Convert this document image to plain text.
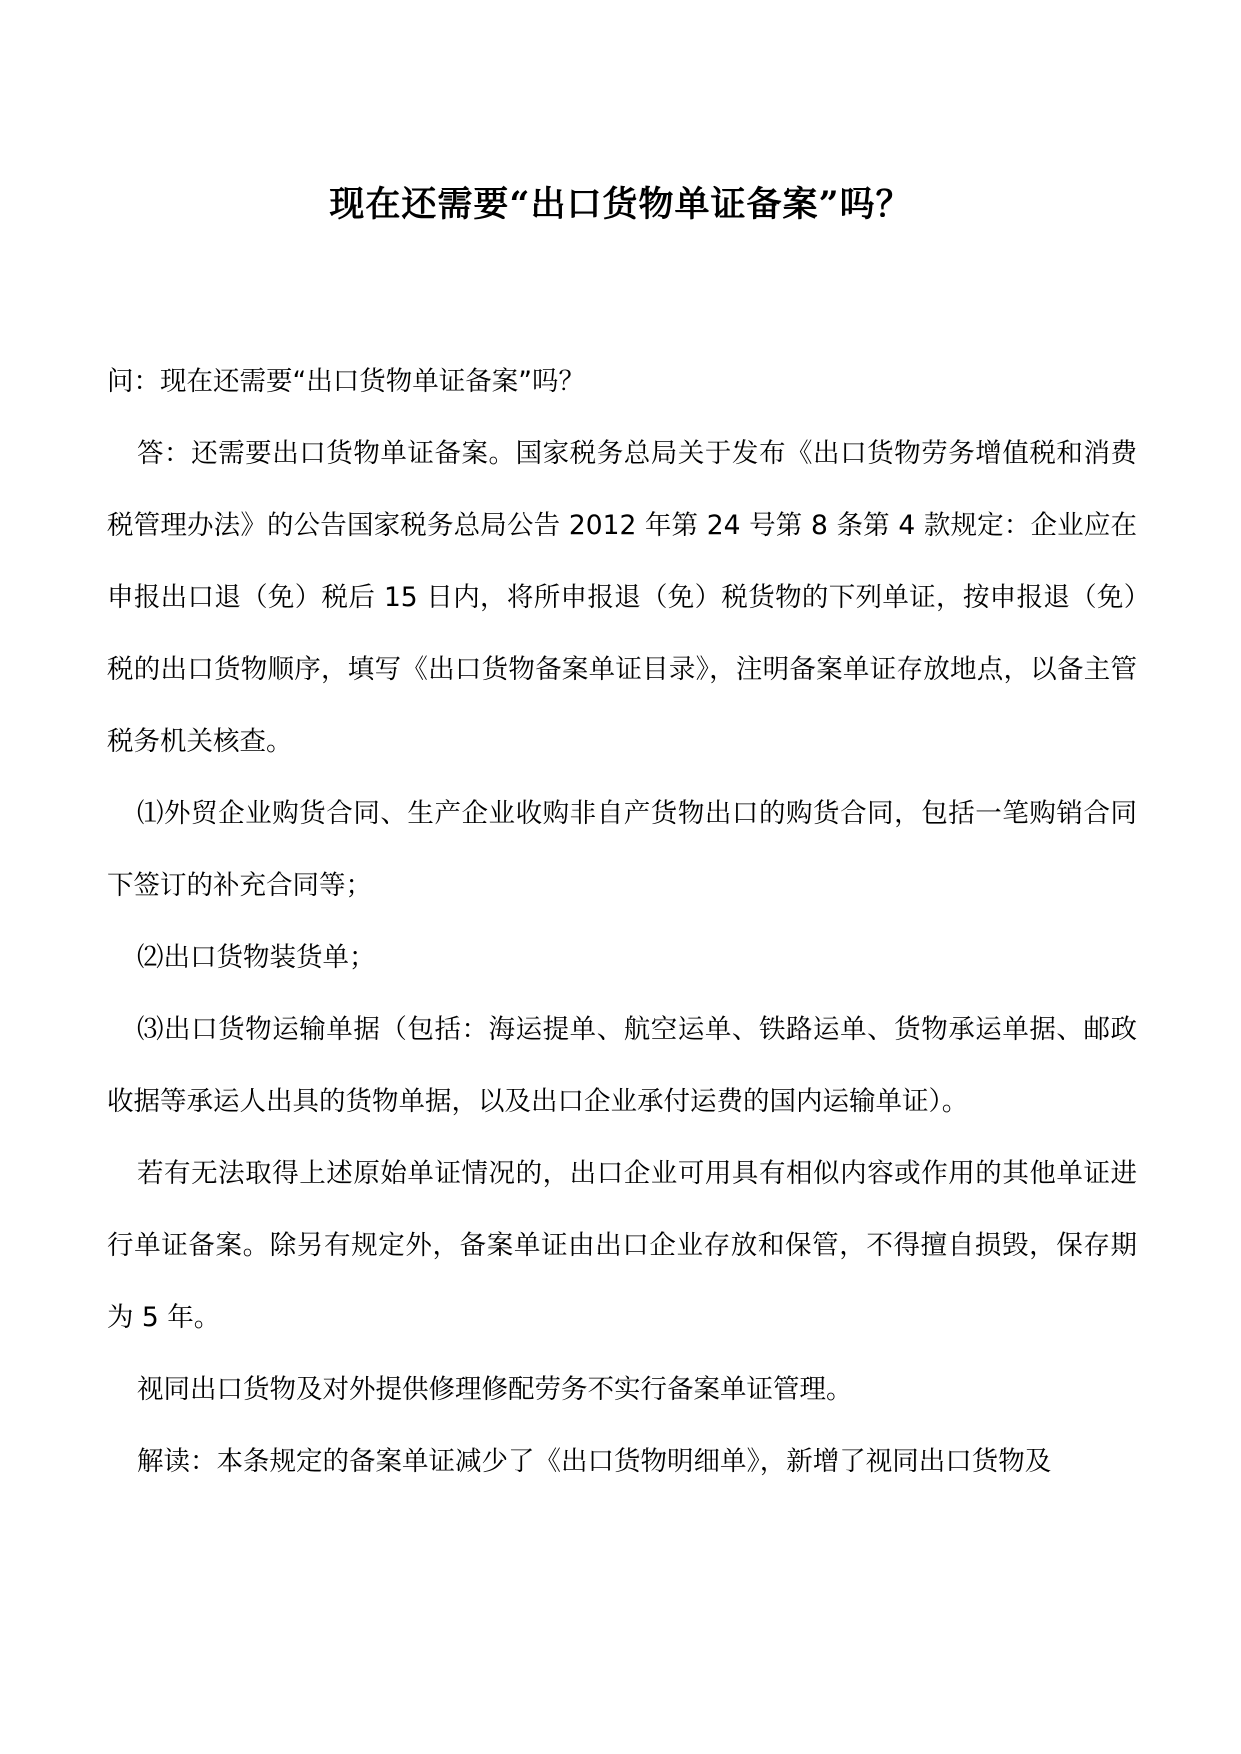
现在还需要“出口货物单证备案”吗？

问：现在还需要“出口货物单证备案”吗？

答：还需要出口货物单证备案。国家税务总局关于发布《出口货物劳务增值税和消费税管理办法》的公告国家税务总局公告 2012 年第 24 号第 8 条第 4 款规定：企业应在申报出口退（免）税后 15 日内，将所申报退（免）税货物的下列单证，按申报退（免）税的出口货物顺序，填写《出口货物备案单证目录》，注明备案单证存放地点，以备主管税务机关核查。

⑴外贸企业购货合同、生产企业收购非自产货物出口的购货合同，包括一笔购销合同下签订的补充合同等；

⑵出口货物装货单；

⑶出口货物运输单据（包括：海运提单、航空运单、铁路运单、货物承运单据、邮政收据等承运人出具的货物单据，以及出口企业承付运费的国内运输单证）。

若有无法取得上述原始单证情况的，出口企业可用具有相似内容或作用的其他单证进行单证备案。除另有规定外，备案单证由出口企业存放和保管，不得擅自损毁，保存期为 5 年。

视同出口货物及对外提供修理修配劳务不实行备案单证管理。

解读：本条规定的备案单证减少了《出口货物明细单》，新增了视同出口货物及
